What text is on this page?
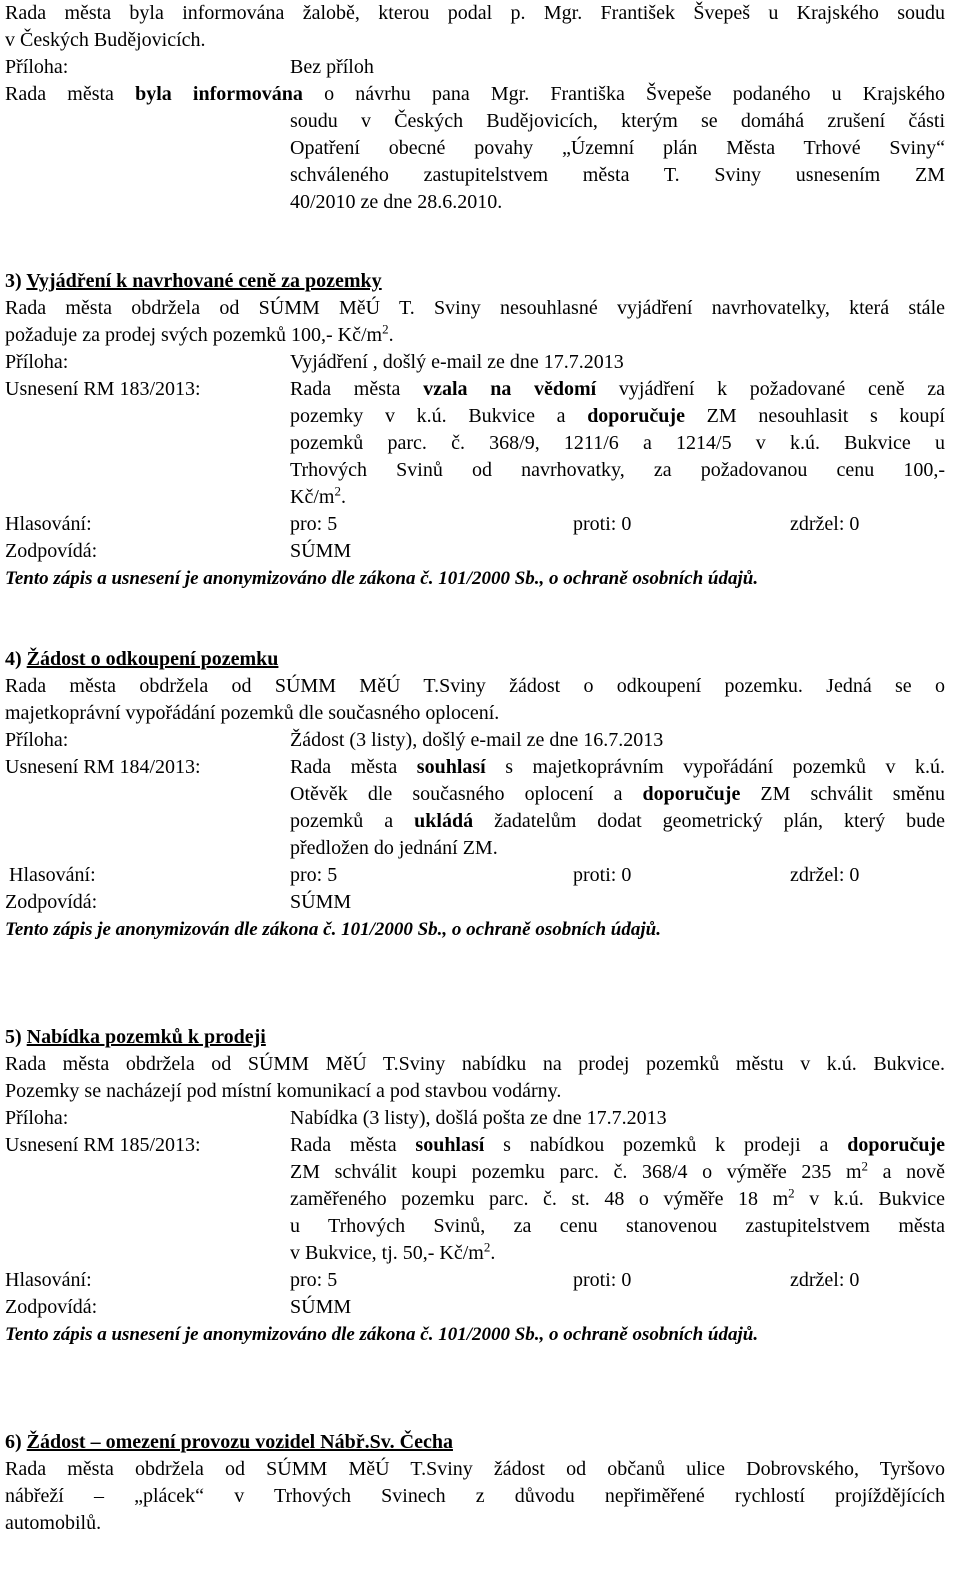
Rada města byla informována žalobě, kterou podal p. Mgr. František Švepeš u Krajského soudu
v Českých Budějovicích.
Příloha:	Bez příloh
Rada města byla informována o návrhu pana Mgr. Františka Švepeše podaného u Krajského
soudu v Českých Budějovicích, kterým se domáhá zrušení části
Opatření obecné povahy „Územní plán Města Trhové Sviny“
schváleného zastupitelstvem města T. Sviny usnesením ZM
40/2010 ze dne 28.6.2010.
3) Vyjádření k navrhované ceně za pozemky
Rada města obdržela od SÚMM MěÚ T. Sviny nesouhlasné vyjádření navrhovatelky, která stále
požaduje za prodej svých pozemků 100,- $Kč/m^2$.
Příloha:	Vyjádření , došlý e-mail ze dne 17.7.2013
Usnesení RM 183/2013:	Rada města vzala na vědomí vyjádření k požadované ceně za
pozemky v k.ú. Bukvice a doporučuje ZM nesouhlasit s koupí
pozemků parc. č. 368/9, 1211/6 a 1214/5 v k.ú. Bukvice u
Trhových Svinů od navrhovatky, za požadovanou cenu 100,-
$Kč/m^2$.
Hlasování:	pro: 5	proti: 0	zdržel: 0
Zodpovídá:	SÚMM
Tento zápis a usnesení je anonymizováno dle zákona č. 101/2000 Sb., o ochraně osobních údajů.
4) Žádost o odkoupení pozemku
Rada města obdržela od SÚMM MěÚ T.Sviny žádost o odkoupení pozemku. Jedná se o
majetkoprávní vypořádání pozemků dle současného oplocení.
Příloha:	Žádost (3 listy), došlý e-mail ze dne 16.7.2013
Usnesení RM 184/2013:	Rada města souhlasí s majetkoprávním vypořádání pozemků v k.ú.
Otěvěk dle současného oplocení a doporučuje ZM schválit směnu
pozemků a ukládá žadatelům dodat geometrický plán, který bude
předložen do jednání ZM.
Hlasování:	pro: 5	proti: 0	zdržel: 0
Zodpovídá:	SÚMM
Tento zápis je anonymizován dle zákona č. 101/2000 Sb., o ochraně osobních údajů.
5) Nabídka pozemků k prodeji
Rada města obdržela od SÚMM MěÚ T.Sviny nabídku na prodej pozemků městu v k.ú. Bukvice.
Pozemky se nacházejí pod místní komunikací a pod stavbou vodárny.
Příloha:	Nabídka (3 listy), došlá pošta ze dne 17.7.2013
Usnesení RM 185/2013:	Rada města souhlasí s nabídkou pozemků k prodeji a doporučuje
ZM schválit koupi pozemku parc. č. 368/4 o výměře 235 $m^2$ a nově
zaměřeného pozemku parc. č. st. 48 o výměře 18 $m^2$ v k.ú. Bukvice
u Trhových Svinů, za cenu stanovenou zastupitelstvem města
v Bukvice, tj. 50,- $Kč/m^2$.
Hlasování:	pro: 5	proti: 0	zdržel: 0
Zodpovídá:	SÚMM
Tento zápis a usnesení je anonymizováno dle zákona č. 101/2000 Sb., o ochraně osobních údajů.
6) Žádost – omezení provozu vozidel Nábř.Sv. Čecha
Rada města obdržela od SÚMM MěÚ T.Sviny žádost od občanů ulice Dobrovského, Tyršovo
nábřeží – „plácek“ v Trhových Svinech z důvodu nepřiměřené rychlostí projíždějících
automobilů.
